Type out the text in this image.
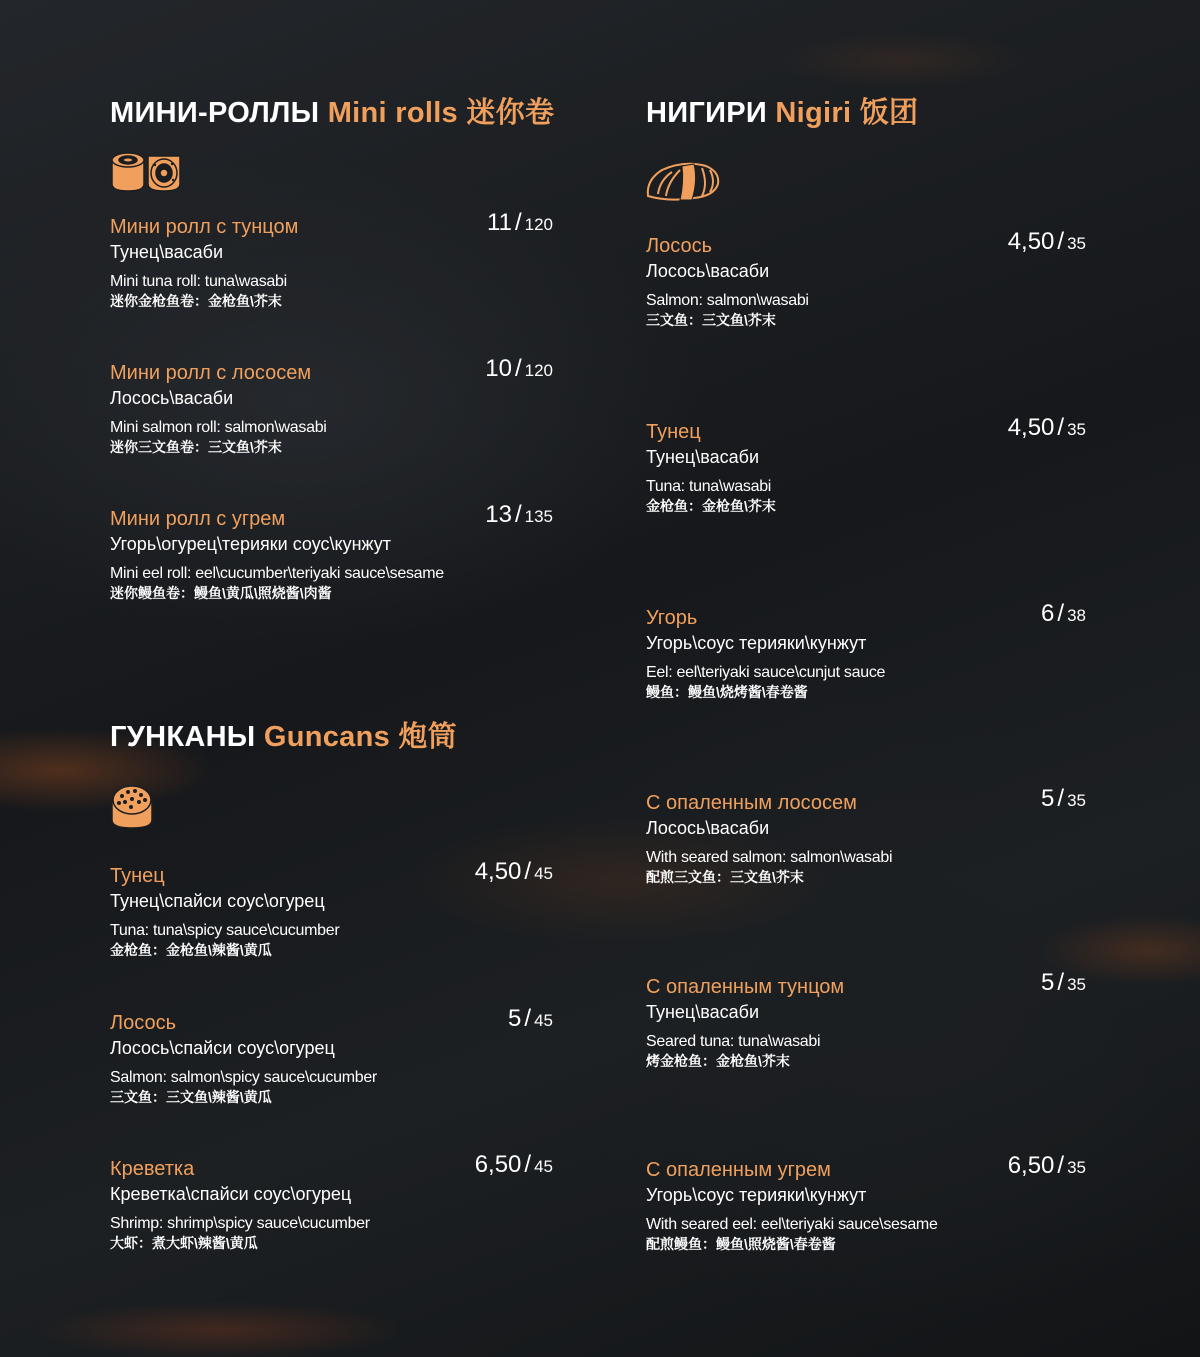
МИНИ-РОЛЛЫ Mini rolls 迷你卷
Мини ролл с тунцом
Тунец\васаби
Mini tuna roll: tuna\wasabi
迷你金枪鱼卷：金枪鱼\芥末
11 / 120
Мини ролл с лососем
Лосось\васаби
Mini salmon roll: salmon\wasabi
迷你三文鱼卷：三文鱼\芥末
10 / 120
Мини ролл с угрем
Угорь\огурец\терияки соус\кунжут
Mini eel roll: eel\cucumber\teriyaki sauce\sesame
迷你鳗鱼卷：鳗鱼\黄瓜\照烧酱\肉酱
13 / 135
ГУНКАНЫ Guncans 炮筒
Тунец
Тунец\спайси соус\огурец
Tuna: tuna\spicy sauce\cucumber
金枪鱼：金枪鱼\辣酱\黄瓜
4,50 / 45
Лосось
Лосось\спайси соус\огурец
Salmon: salmon\spicy sauce\cucumber
三文鱼：三文鱼\辣酱\黄瓜
5 / 45
Креветка
Креветка\спайси соус\огурец
Shrimp: shrimp\spicy sauce\cucumber
大虾：煮大虾\辣酱\黄瓜
6,50 / 45
НИГИРИ Nigiri 饭团
Лосось
Лосось\васаби
Salmon: salmon\wasabi
三文鱼：三文鱼\芥末
4,50 / 35
Тунец
Тунец\васаби
Tuna: tuna\wasabi
金枪鱼：金枪鱼\芥末
4,50 / 35
Угорь
Угорь\соус терияки\кунжут
Eel: eel\teriyaki sauce\cunjut sauce
鳗鱼：鳗鱼\烧烤酱\春卷酱
6 / 38
С опаленным лососем
Лосось\васаби
With seared salmon: salmon\wasabi
配煎三文鱼：三文鱼\芥末
5 / 35
С опаленным тунцом
Тунец\васаби
Seared tuna: tuna\wasabi
烤金枪鱼：金枪鱼\芥末
5 / 35
С опаленным угрем
Угорь\соус терияки\кунжут
With seared eel: eel\teriyaki sauce\sesame
配煎鳗鱼：鳗鱼\照烧酱\春卷酱
6,50 / 35
